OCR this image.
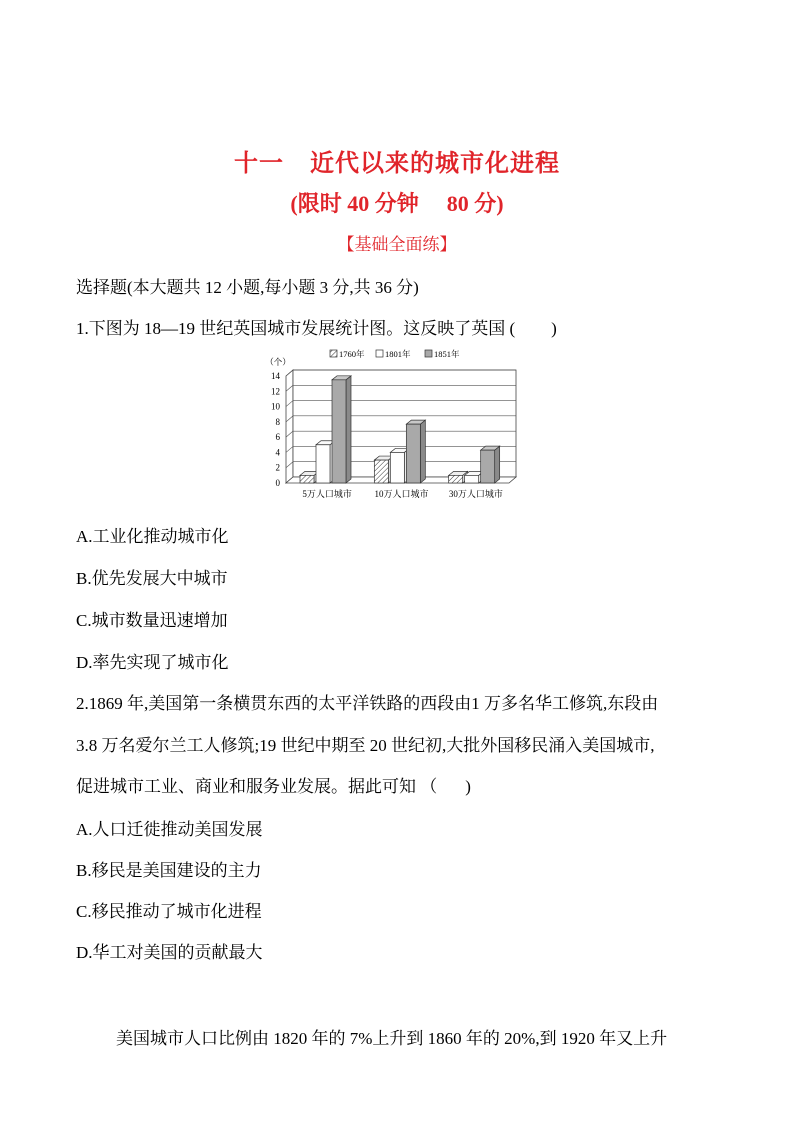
十一 近代以来的城市化进程
(限时 40 分钟 80 分)
【基础全面练】
选择题(本大题共 12 小题,每小题 3 分,共 36 分)
1.下图为 18—19 世纪英国城市发展统计图。这反映了英国 ( )
0
2
4
6
8
10
12
14
（个）
1760年 1801年	1851年
5万人口城市	10万人口城市 30万人口城市
A.工业化推动城市化
B.优先发展大中城市
C.城市数量迅速增加
D.率先实现了城市化
2.1869 年,美国第一条横贯东西的太平洋铁路的西段由1 万多名华工修筑,东段由
3.8 万名爱尔兰工人修筑;19 世纪中期至 20 世纪初,大批外国移民涌入美国城市,
促进城市工业、商业和服务业发展。据此可知 （ )
A.人口迁徙推动美国发展
B.移民是美国建设的主力
C.移民推动了城市化进程
D.华工对美国的贡献最大
美国城市人口比例由 1820 年的 7%上升到 1860 年的 20%,到 1920 年又上升
